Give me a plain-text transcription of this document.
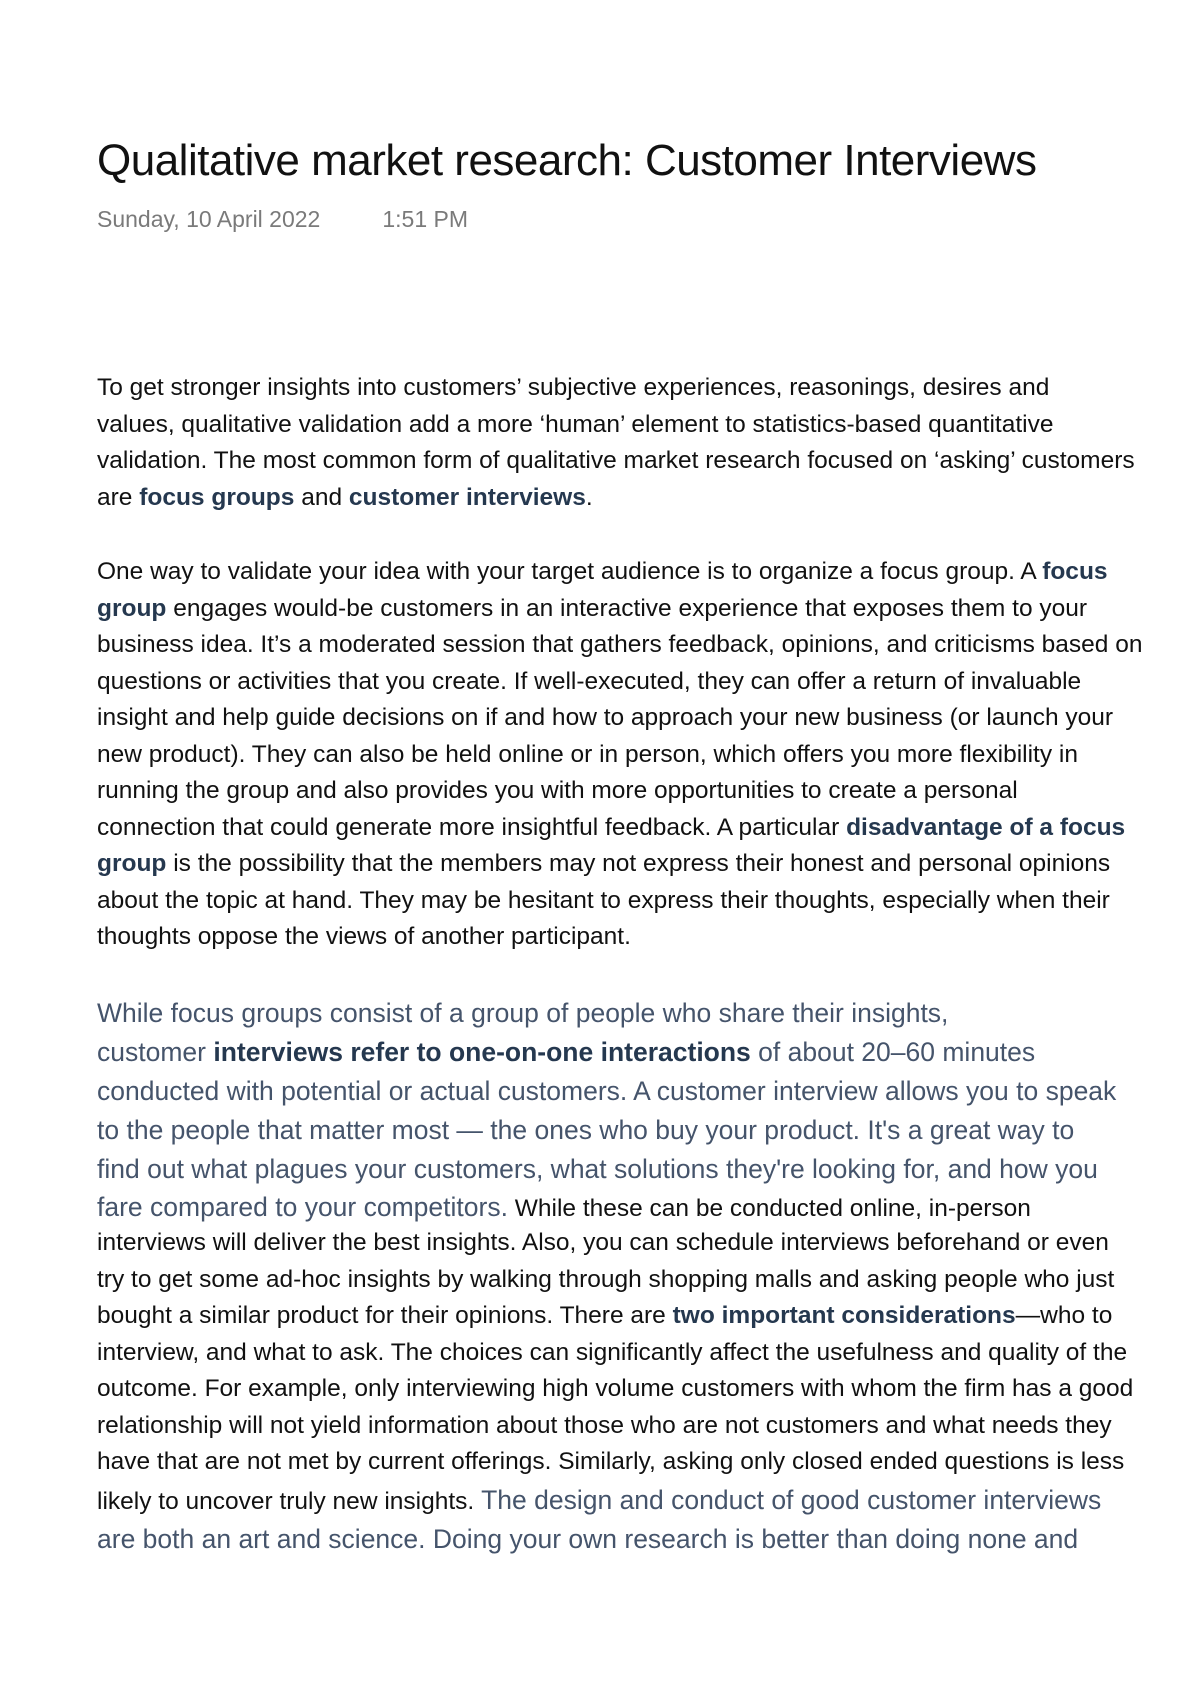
Qualitative market research: Customer Interviews
Sunday, 10 April 2022	1:51 PM
To get stronger insights into customers’ subjective experiences, reasonings, desires and
values, qualitative validation add a more ‘human’ element to statistics-based quantitative
validation. The most common form of qualitative market research focused on ‘asking’ customers
are focus groups and customer interviews.
One way to validate your idea with your target audience is to organize a focus group. A focus
group engages would-be customers in an interactive experience that exposes them to your
business idea. It’s a moderated session that gathers feedback, opinions, and criticisms based on
questions or activities that you create. If well-executed, they can offer a return of invaluable
insight and help guide decisions on if and how to approach your new business (or launch your
new product). They can also be held online or in person, which offers you more flexibility in
running the group and also provides you with more opportunities to create a personal
connection that could generate more insightful feedback. A particular disadvantage of a focus
group is the possibility that the members may not express their honest and personal opinions
about the topic at hand. They may be hesitant to express their thoughts, especially when their
thoughts oppose the views of another participant.
While focus groups consist of a group of people who share their insights,
customer interviews refer to one-on-one interactions of about 20–60 minutes
conducted with potential or actual customers. A customer interview allows you to speak
to the people that matter most — the ones who buy your product. It's a great way to
find out what plagues your customers, what solutions they're looking for, and how you
fare compared to your competitors. While these can be conducted online, in-person
interviews will deliver the best insights. Also, you can schedule interviews beforehand or even
try to get some ad-hoc insights by walking through shopping malls and asking people who just
bought a similar product for their opinions. There are two important considerations—who to
interview, and what to ask. The choices can significantly affect the usefulness and quality of the
outcome. For example, only interviewing high volume customers with whom the firm has a good
relationship will not yield information about those who are not customers and what needs they
have that are not met by current offerings. Similarly, asking only closed ended questions is less
likely to uncover truly new insights. The design and conduct of good customer interviews
are both an art and science. Doing your own research is better than doing none and
